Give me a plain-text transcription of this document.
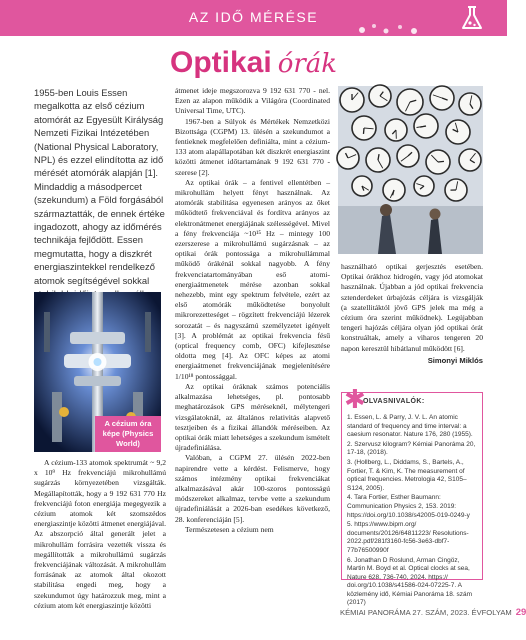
AZ IDŐ MÉRÉSE
Optikai órák
1955-ben Louis Essen megalkotta az első cézium atomórát az Egyesült Királyság Nemzeti Fizikai Intézetében (National Physical Laboratory, NPL) és ezzel elindította az idő mérését atomórák alapján [1]. Mindaddig a másodpercet (szekundum) a Föld forgásából származtatták, de ennek értéke ingadozott, ahogy az időmérés technikája fejlődött. Essen megmutatta, hogy a diszkrét energiaszintekkel rendelkező atomok segítségével sokkal
A cézium óra képe (Physics World)

A cézium-133 atomok spektrumát ~ 9,2 x 10⁹ Hz frekvenciájú mikrohullámú sugárzás környezetében vizsgálták. Megállapították, hogy a 9 192 631 770 Hz frekvenciájú foton energiája megegyezik a cézium atomok két szomszédos energiaszintje közötti átmenet energiájával. Az abszorpció által generált jelet a mikrohullám forrásira vezették vissza és megállították a mikrohullámú sugárzás frekvenciájának változását. A mikrohullám forrásának az atomok által okozott stabilitása engedi meg, hogy a szekundumot úgy határozzuk meg, mint a cézium atom két energiaszintje közötti

átmenet ideje megszorozva 9 192 631 770 - nel. Ezen az alapon működik a Világóra (Coordinated Universal Time, UTC).

1967-ben a Súlyok és Mértékek Nemzetközi Bizottsága (CGPM) 13. ülésén a szekundumot a fentieknek megfelelően definiálta, mint a cézium-133 atom alapállapotában két diszkrét energiaszint közötti átmenet időtartamának 9 192 631 770 - szerese [2].

Az optikai órák – a fentivel ellentétben – mikrohullám helyett fényt használnak. Az atomórák stabilitása egyenesen arányos az őket működtető frekvenciával és fordítva arányos az elektronátmenet energiájának szélességével. Mivel a fény frekvenciája ~10¹⁵ Hz – mintegy 100 ezerszerese a mikrohullámú sugárzásnak – az optikai órák pontossága a mikrohullámmal működő órákénál sokkal nagyobb. A fény frekvenciatartományában eső atomi-energiaátmenetek mérése azonban sokkal nehezebb, mint egy spektrum felvétele, ezért az első atomórák működtetése bonyolult mikrorezetteséget – rögzített frekvenciájú lézerek sorozatát – és nagyszámú személyzetet igényelt [3]. A problémát az optikai frekvencia fésű (optical frequency comb, OFC) kifejlesztése oldotta meg [4]. Az OFC képes az atomi energiaátmenet frekvenciájának megjelenítésére 1/10¹⁸ pontossággal.

Az optikai óráknak számos potenciális alkalmazása lehetséges, pl. pontosabb meghatározások GPS méréseknél, mélytengeri vizsgálatoknál, az általános relativitás alapvető tesztjeiben és a fizikai állandók méréseiben. Az optikai órák miatt lehetséges a szekundum ismételt újradefiniálása.

Valóban, a CGPM 27. ülésén 2022-ben napirendre vette a kérdést. Felismerve, hogy számos intézmény optikai frekvenciákat alkalmazásával akár 100-szoros pontosságú módszereket alkalmaz, tervbe vette a szekundum újradefiniálását a 2026-ban esedékes következő, 28. konferenciáján [5].

Természetesen a cézium nem

használható optikai gerjesztés esetében. Optikai órákhoz hidrogén, vagy jód atomokat használnak. Újabban a jód optikai frekvencia sztenderdeket úrbajózás céljára is vizsgálják (a szatellitáktól jövő GPS jelek ma még a cézium óra szerint működnek). Legújabban tengeri hajózás céljára olyan jód optikai órát konstruáltak, amely a viharos tengeren 20 napon keresztül hibátlanul működött [6].

Simonyi Miklós
✱
OLVASNIVALÓK:
1. Essen, L. & Parry, J. V. L. An atomic standard of frequency and time interval: a caesium resonator. Nature 176, 280 (1955).
2. Szervusz kilogram? Kémiai Panoráma 20, 17-18, (2018).
3. (Hollberg, L., Diddams, S., Bartels, A., Fortier, T. & Kim, K. The measurement of optical frequencies. Metrologia 42, S105– S124, 2005).
4. Tara Fortier, Esther Baumann: Communication Physics 2, 153. 2019: https://doi.org/10.1038/s42005-019-0249-y
5. https://www.bipm.org/ documents/20126/64811223/ Resolutions-2022.pdf/281f3160-fc56-3e63-dbf7-77b76500990f
6. Jonathan D Roslund, Arman Cingöz, Martin M. Boyd et al. Optical clocks at sea, Nature 628, 736-740, 2024. https:// doi.org/10.1038/s41586-024-07225-7. A közlemény idő, Kémiai Panoráma 18. szám (2017)
KÉMIAI PANORÁMA 27. SZÁM, 2023. ÉVFOLYAM 29
